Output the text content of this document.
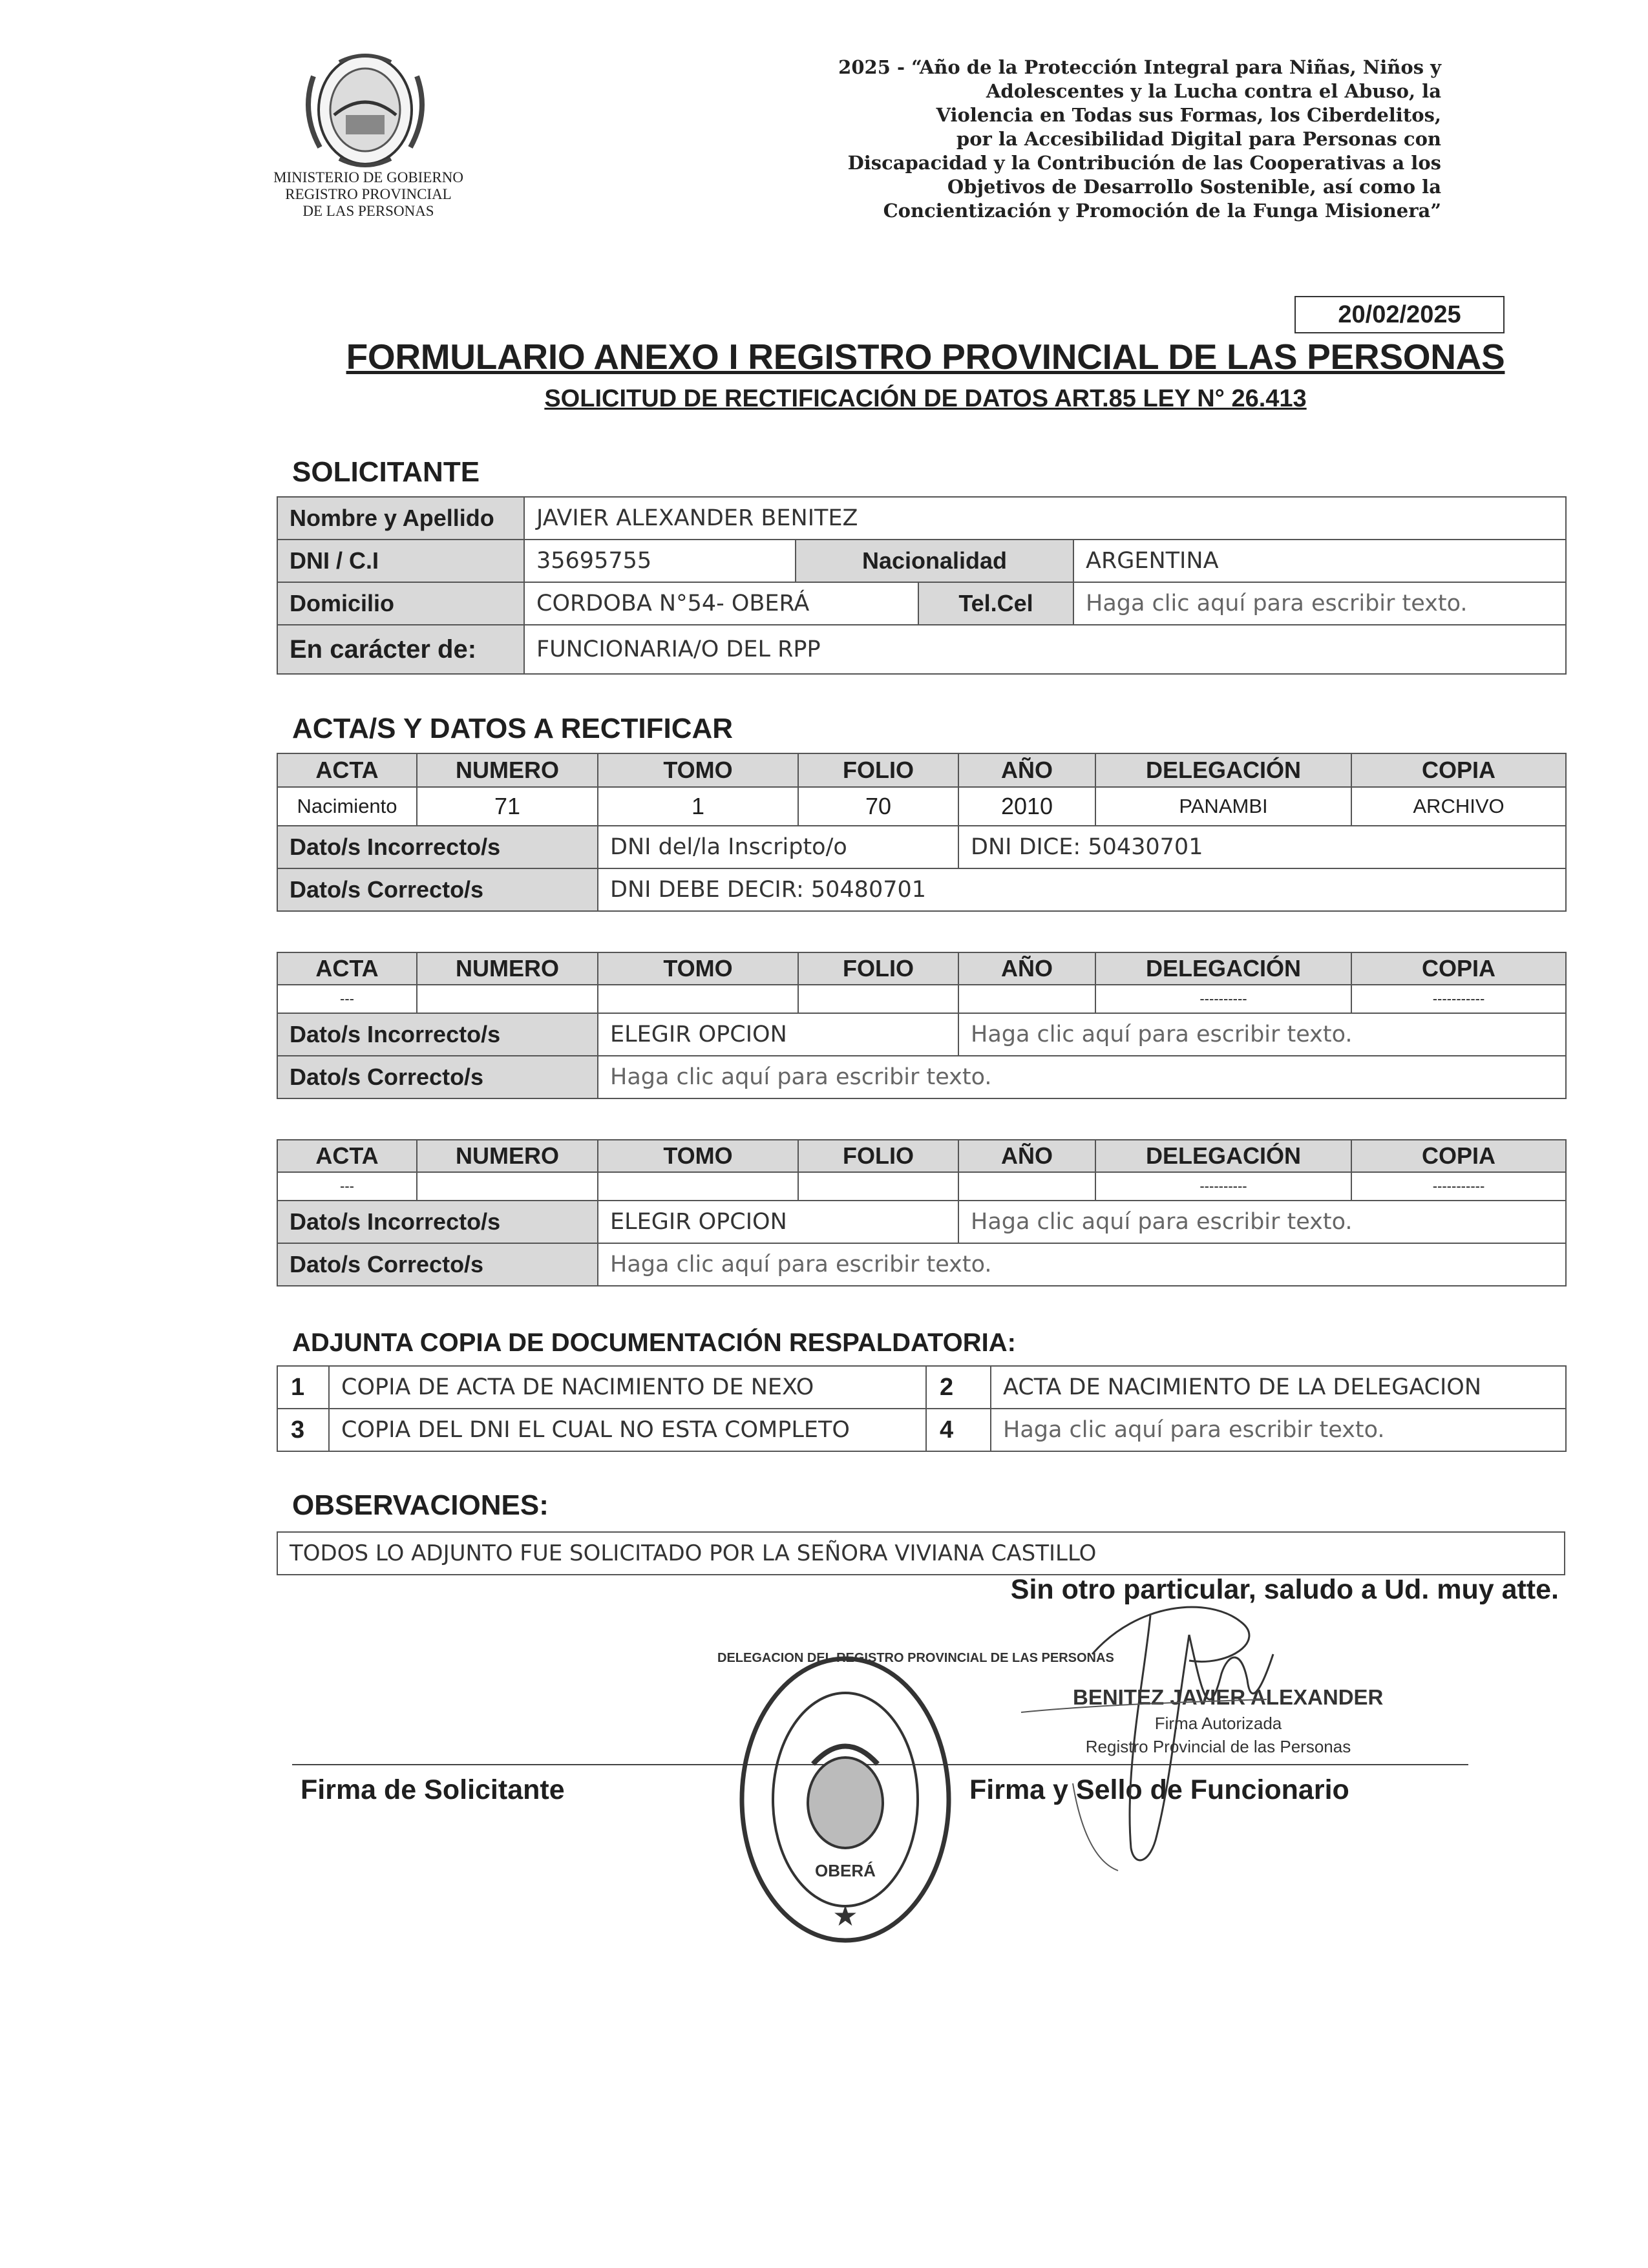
MINISTERIO DE GOBIERNO
REGISTRO PROVINCIAL
DE LAS PERSONAS
2025 - “Año de la Protección Integral para Niñas, Niños y
Adolescentes y la Lucha contra el Abuso, la
Violencia en Todas sus Formas, los Ciberdelitos,
por la Accesibilidad Digital para Personas con
Discapacidad y la Contribución de las Cooperativas a los
Objetivos de Desarrollo Sostenible, así como la
Concientización y Promoción de la Funga Misionera”
20/02/2025
FORMULARIO ANEXO I REGISTRO PROVINCIAL DE LAS PERSONAS
SOLICITUD DE RECTIFICACIÓN DE DATOS ART.85 LEY N° 26.413
SOLICITANTE
Nombre y Apellido	JAVIER ALEXANDER BENITEZ			
DNI / C.I	35695755	Nacionalidad		ARGENTINA
Domicilio	CORDOBA N°54- OBERÁ		Tel.Cel	Haga clic aquí para escribir texto.
En carácter de:	FUNCIONARIA/O DEL RPP			
ACTA/S Y DATOS A RECTIFICAR
ACTA	NUMERO	TOMO	FOLIO	AÑO	DELEGACIÓN	COPIA
Nacimiento	71	1	70	2010	PANAMBI	ARCHIVO
Dato/s Incorrecto/s		DNI del/la Inscripto/o		DNI DICE: 50430701		
Dato/s Correcto/s		DNI DEBE DECIR: 50480701				
ACTA	NUMERO	TOMO	FOLIO	AÑO	DELEGACIÓN	COPIA
---					----------	-----------
Dato/s Incorrecto/s		ELEGIR OPCION		Haga clic aquí para escribir texto.		
Dato/s Correcto/s		Haga clic aquí para escribir texto.				
ACTA	NUMERO	TOMO	FOLIO	AÑO	DELEGACIÓN	COPIA
---					----------	-----------
Dato/s Incorrecto/s		ELEGIR OPCION		Haga clic aquí para escribir texto.		
Dato/s Correcto/s		Haga clic aquí para escribir texto.				
ADJUNTA COPIA DE DOCUMENTACIÓN RESPALDATORIA:
1	COPIA DE ACTA DE NACIMIENTO DE NEXO	2	ACTA DE NACIMIENTO DE LA DELEGACION
3	COPIA DEL DNI EL CUAL NO ESTA COMPLETO	4	Haga clic aquí para escribir texto.
OBSERVACIONES:
TODOS LO ADJUNTO FUE SOLICITADO POR LA SEÑORA VIVIANA CASTILLO
Sin otro particular, saludo a Ud. muy atte.
Firma de Solicitante	Firma y Sello de Funcionario
★
OBERÁ
DELEGACION DEL REGISTRO PROVINCIAL DE LAS PERSONAS
BENITEZ JAVIER ALEXANDER
Firma Autorizada
Registro Provincial de las Personas
